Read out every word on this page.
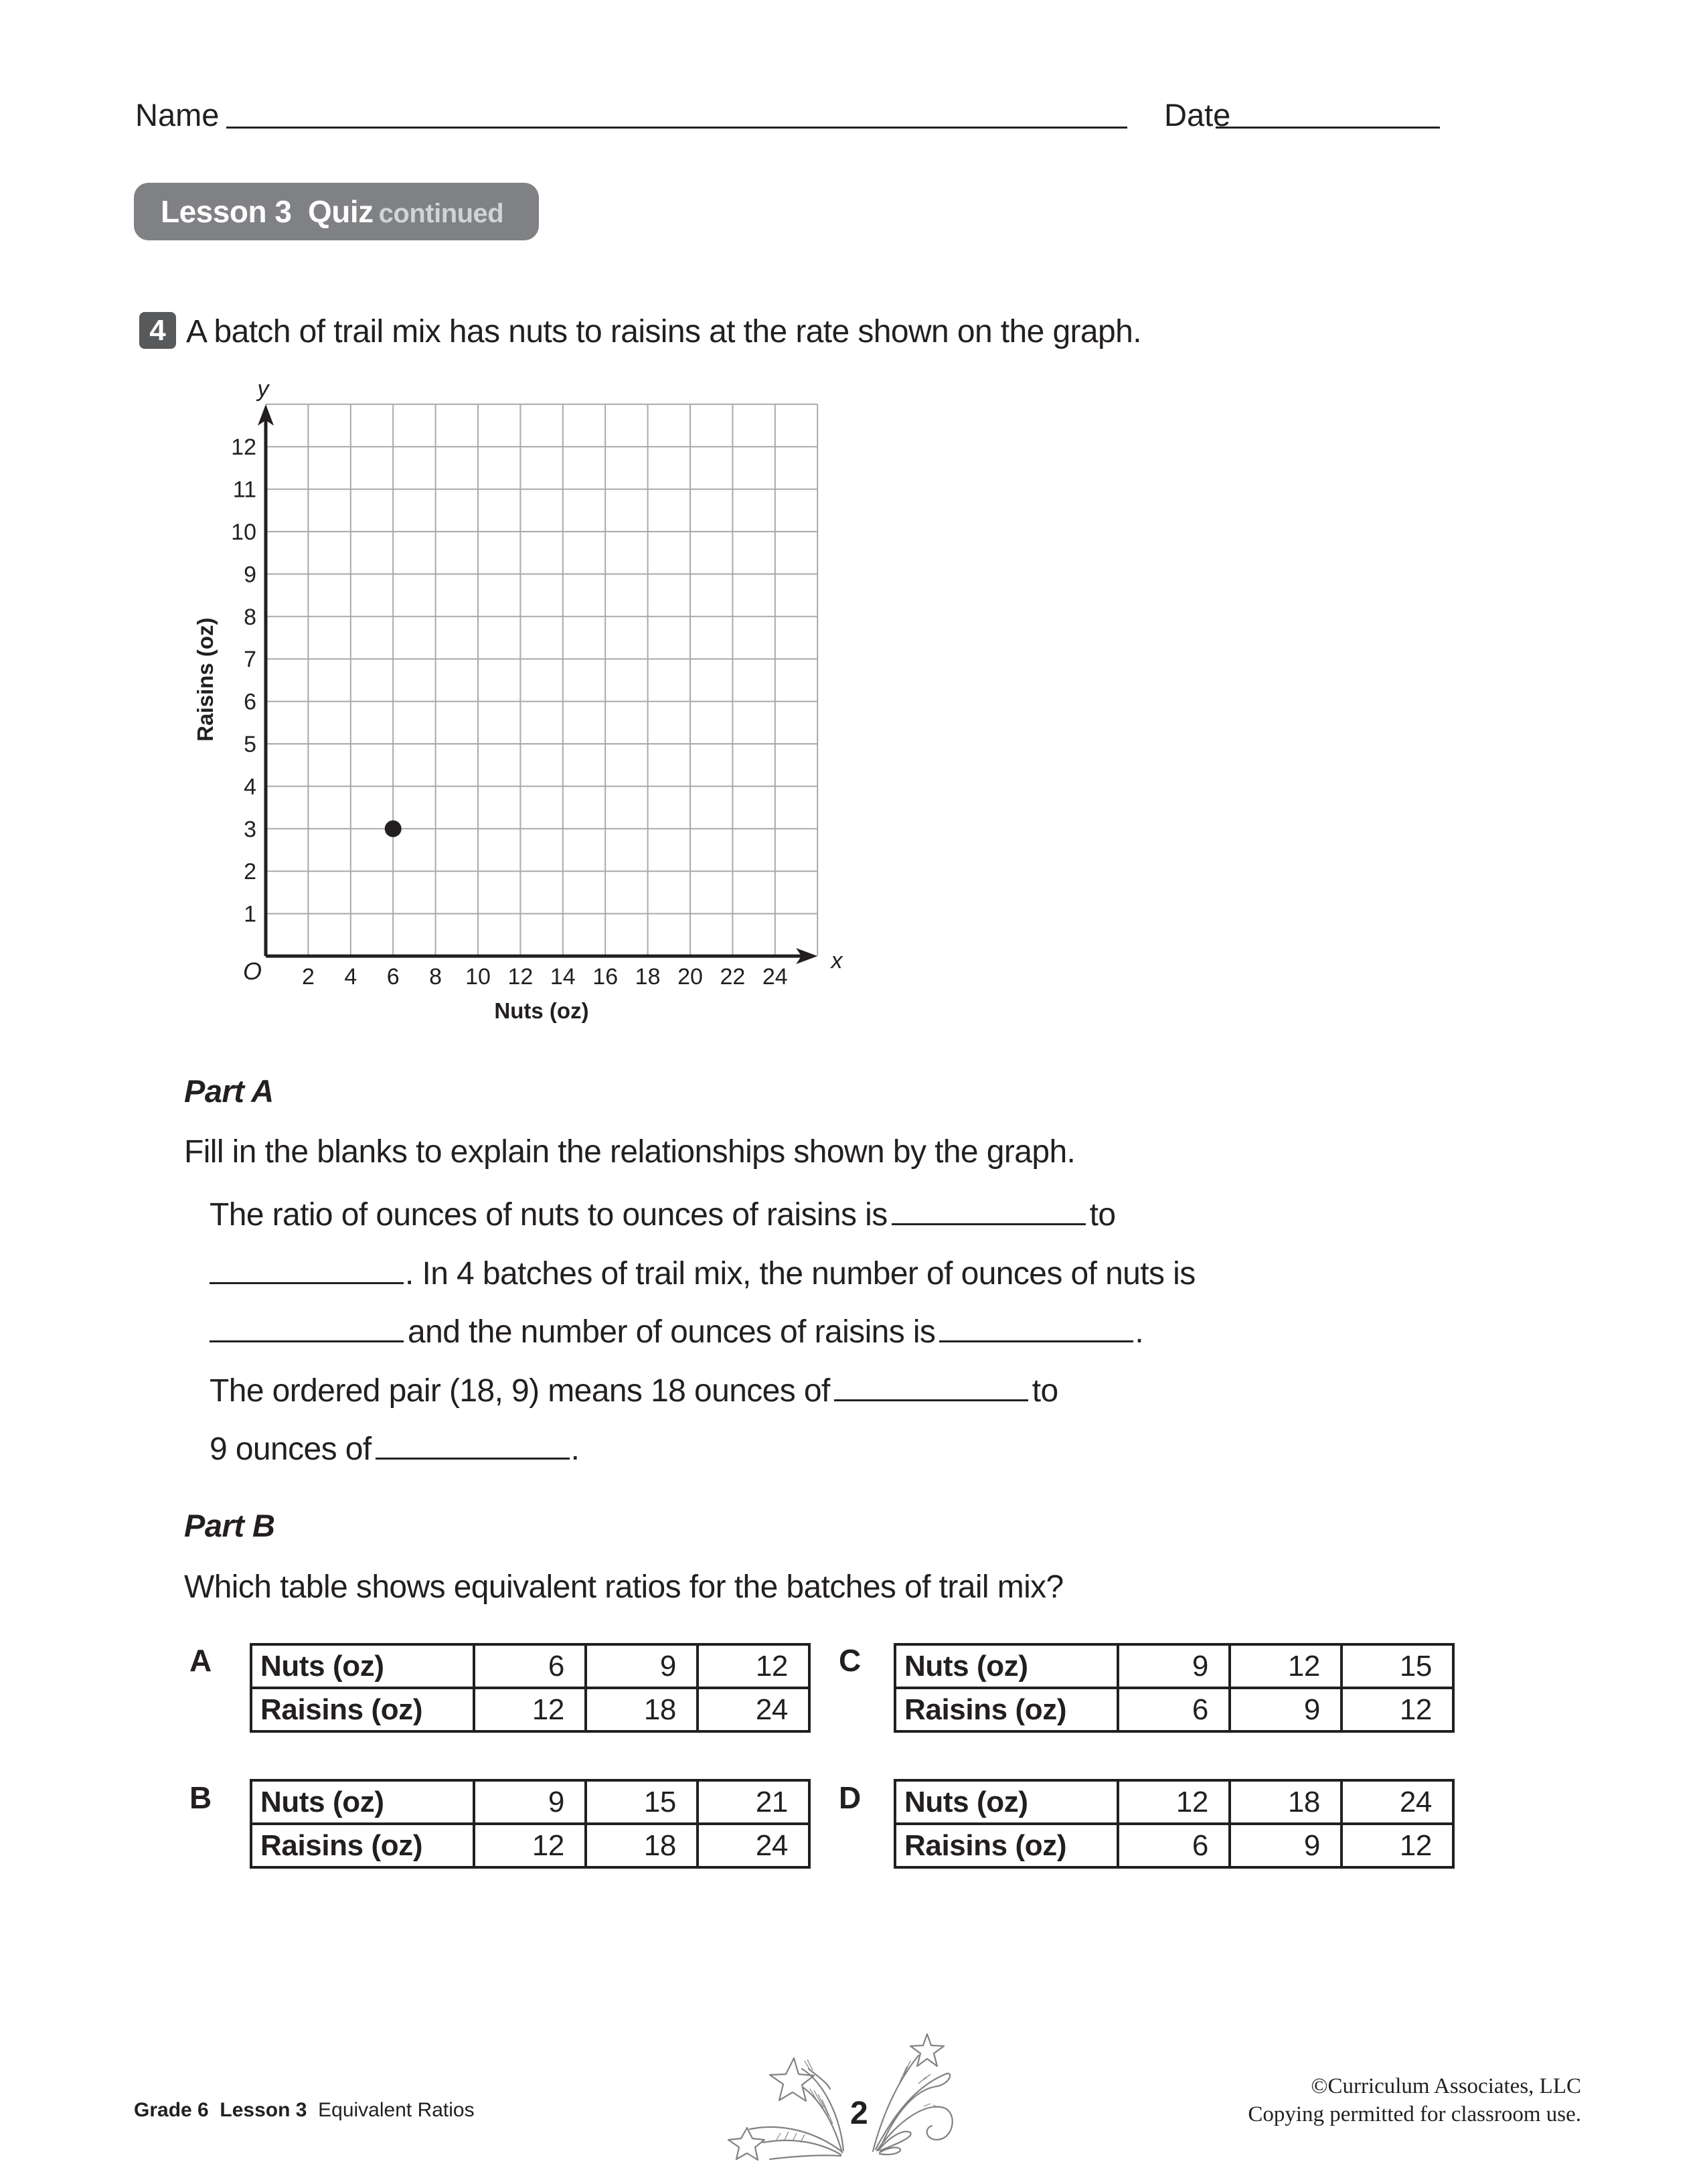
Name	Date
Lesson 3  Quiz continued
4 A batch of trail mix has nuts to raisins at the rate shown on the graph.
2 4 6 8 10 12 14 16 18 20 22 24
1
2
3
4
5
6
7
8
9
10
11
12
y
x
O
Nuts (oz)
Raisins (oz)
Part A
Fill in the blanks to explain the relationships shown by the graph.
The ratio of ounces of nuts to ounces of raisins is	to
. In 4 batches of trail mix, the number of ounces of nuts is
and the number of ounces of raisins is	.
The ordered pair (18, 9) means 18 ounces of	to
9 ounces of	.
Part B
Which table shows equivalent ratios for the batches of trail mix?
A Nuts (oz)	6	9	12
Raisins (oz)	12	18	24
B Nuts (oz)	9	15	21
Raisins (oz)	12	18	24
C Nuts (oz)	9	12	15
Raisins (oz)	6	9	12
D Nuts (oz)	12	18	24
Raisins (oz)	6	9	12
Grade 6 Lesson 3 Equivalent Ratios	2
©Curriculum Associates, LLC
Copying permitted for classroom use.
